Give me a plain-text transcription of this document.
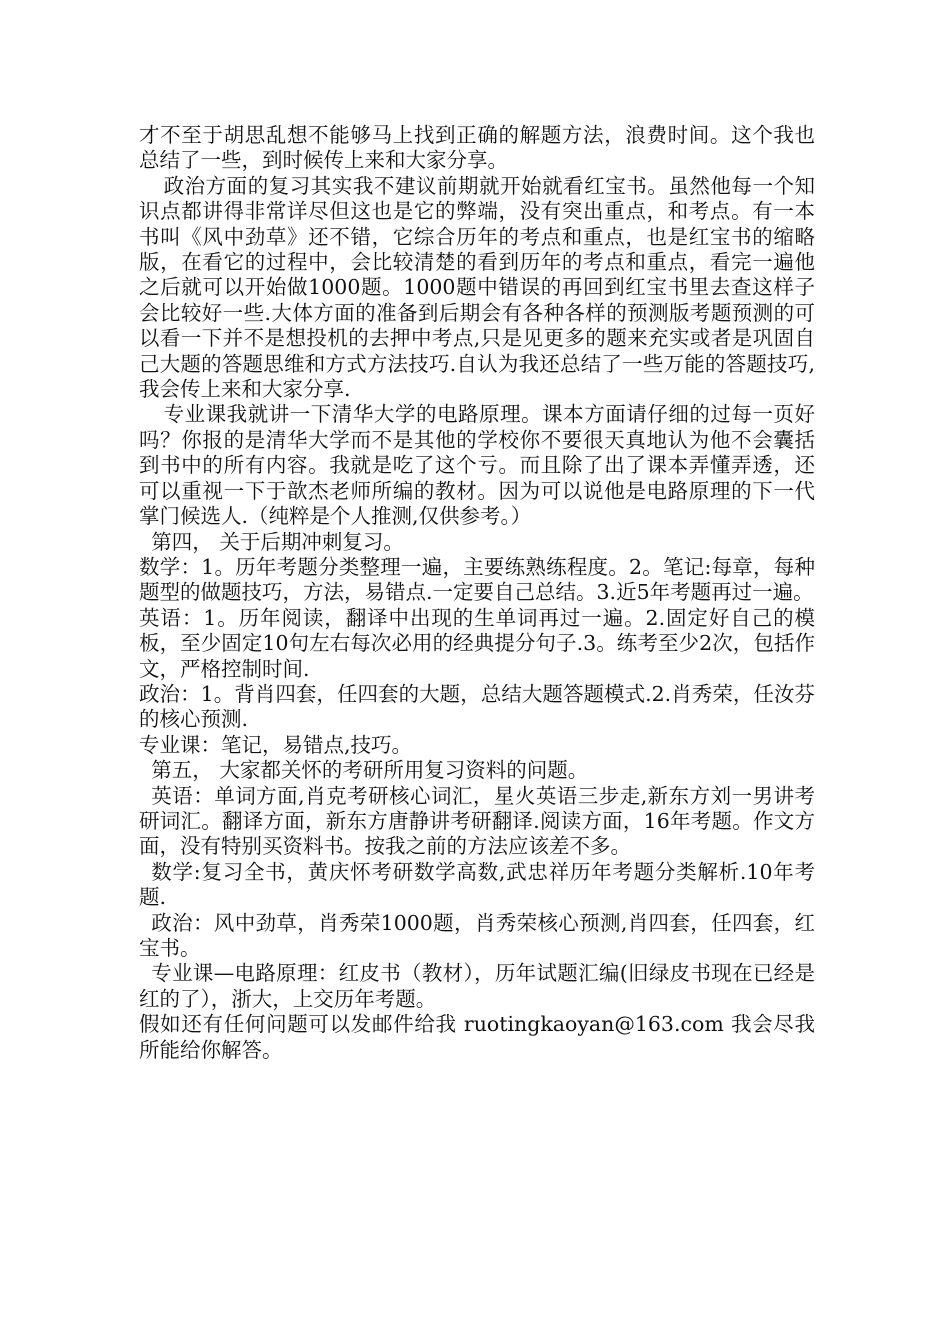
才不至于胡思乱想不能够马上找到正确的解题方法，浪费时间。这个我也总结了一些，到时候传上来和大家分享。

政治方面的复习其实我不建议前期就开始就看红宝书。虽然他每一个知识点都讲得非常详尽但这也是它的弊端，没有突出重点，和考点。有一本书叫《风中劲草》还不错，它综合历年的考点和重点，也是红宝书的缩略版，在看它的过程中，会比较清楚的看到历年的考点和重点，看完一遍他之后就可以开始做1000题。1000题中错误的再回到红宝书里去查这样子会比较好一些.大体方面的准备到后期会有各种各样的预测版考题预测的可以看一下并不是想投机的去押中考点,只是见更多的题来充实或者是巩固自己大题的答题思维和方式方法技巧.自认为我还总结了一些万能的答题技巧,我会传上来和大家分享.

专业课我就讲一下清华大学的电路原理。课本方面请仔细的过每一页好吗？你报的是清华大学而不是其他的学校你不要很天真地认为他不会囊括到书中的所有内容。我就是吃了这个亏。而且除了出了课本弄懂弄透，还可以重视一下于歆杰老师所编的教材。因为可以说他是电路原理的下一代掌门候选人.（纯粹是个人推测,仅供参考。）

第四， 关于后期冲刺复习。

数学：1。历年考题分类整理一遍，主要练熟练程度。2。笔记:每章，每种题型的做题技巧，方法，易错点.一定要自己总结。3.近5年考题再过一遍。

英语：1。历年阅读，翻译中出现的生单词再过一遍。2.固定好自己的模板，至少固定10句左右每次必用的经典提分句子.3。练考至少2次，包括作文，严格控制时间.

政治：1。背肖四套，任四套的大题，总结大题答题模式.2.肖秀荣，任汝芬的核心预测.

专业课：笔记，易错点,技巧。

第五， 大家都关怀的考研所用复习资料的问题。

英语：单词方面,肖克考研核心词汇，星火英语三步走,新东方刘一男讲考研词汇。翻译方面，新东方唐静讲考研翻译.阅读方面，16年考题。作文方面，没有特别买资料书。按我之前的方法应该差不多。

数学:复习全书，黄庆怀考研数学高数,武忠祥历年考题分类解析.10年考题.

政治：风中劲草，肖秀荣1000题，肖秀荣核心预测,肖四套，任四套，红宝书。

专业课—电路原理：红皮书（教材），历年试题汇编(旧绿皮书现在已经是红的了），浙大，上交历年考题。

假如还有任何问题可以发邮件给我 ruotingkaoyan@163.com 我会尽我所能给你解答。
